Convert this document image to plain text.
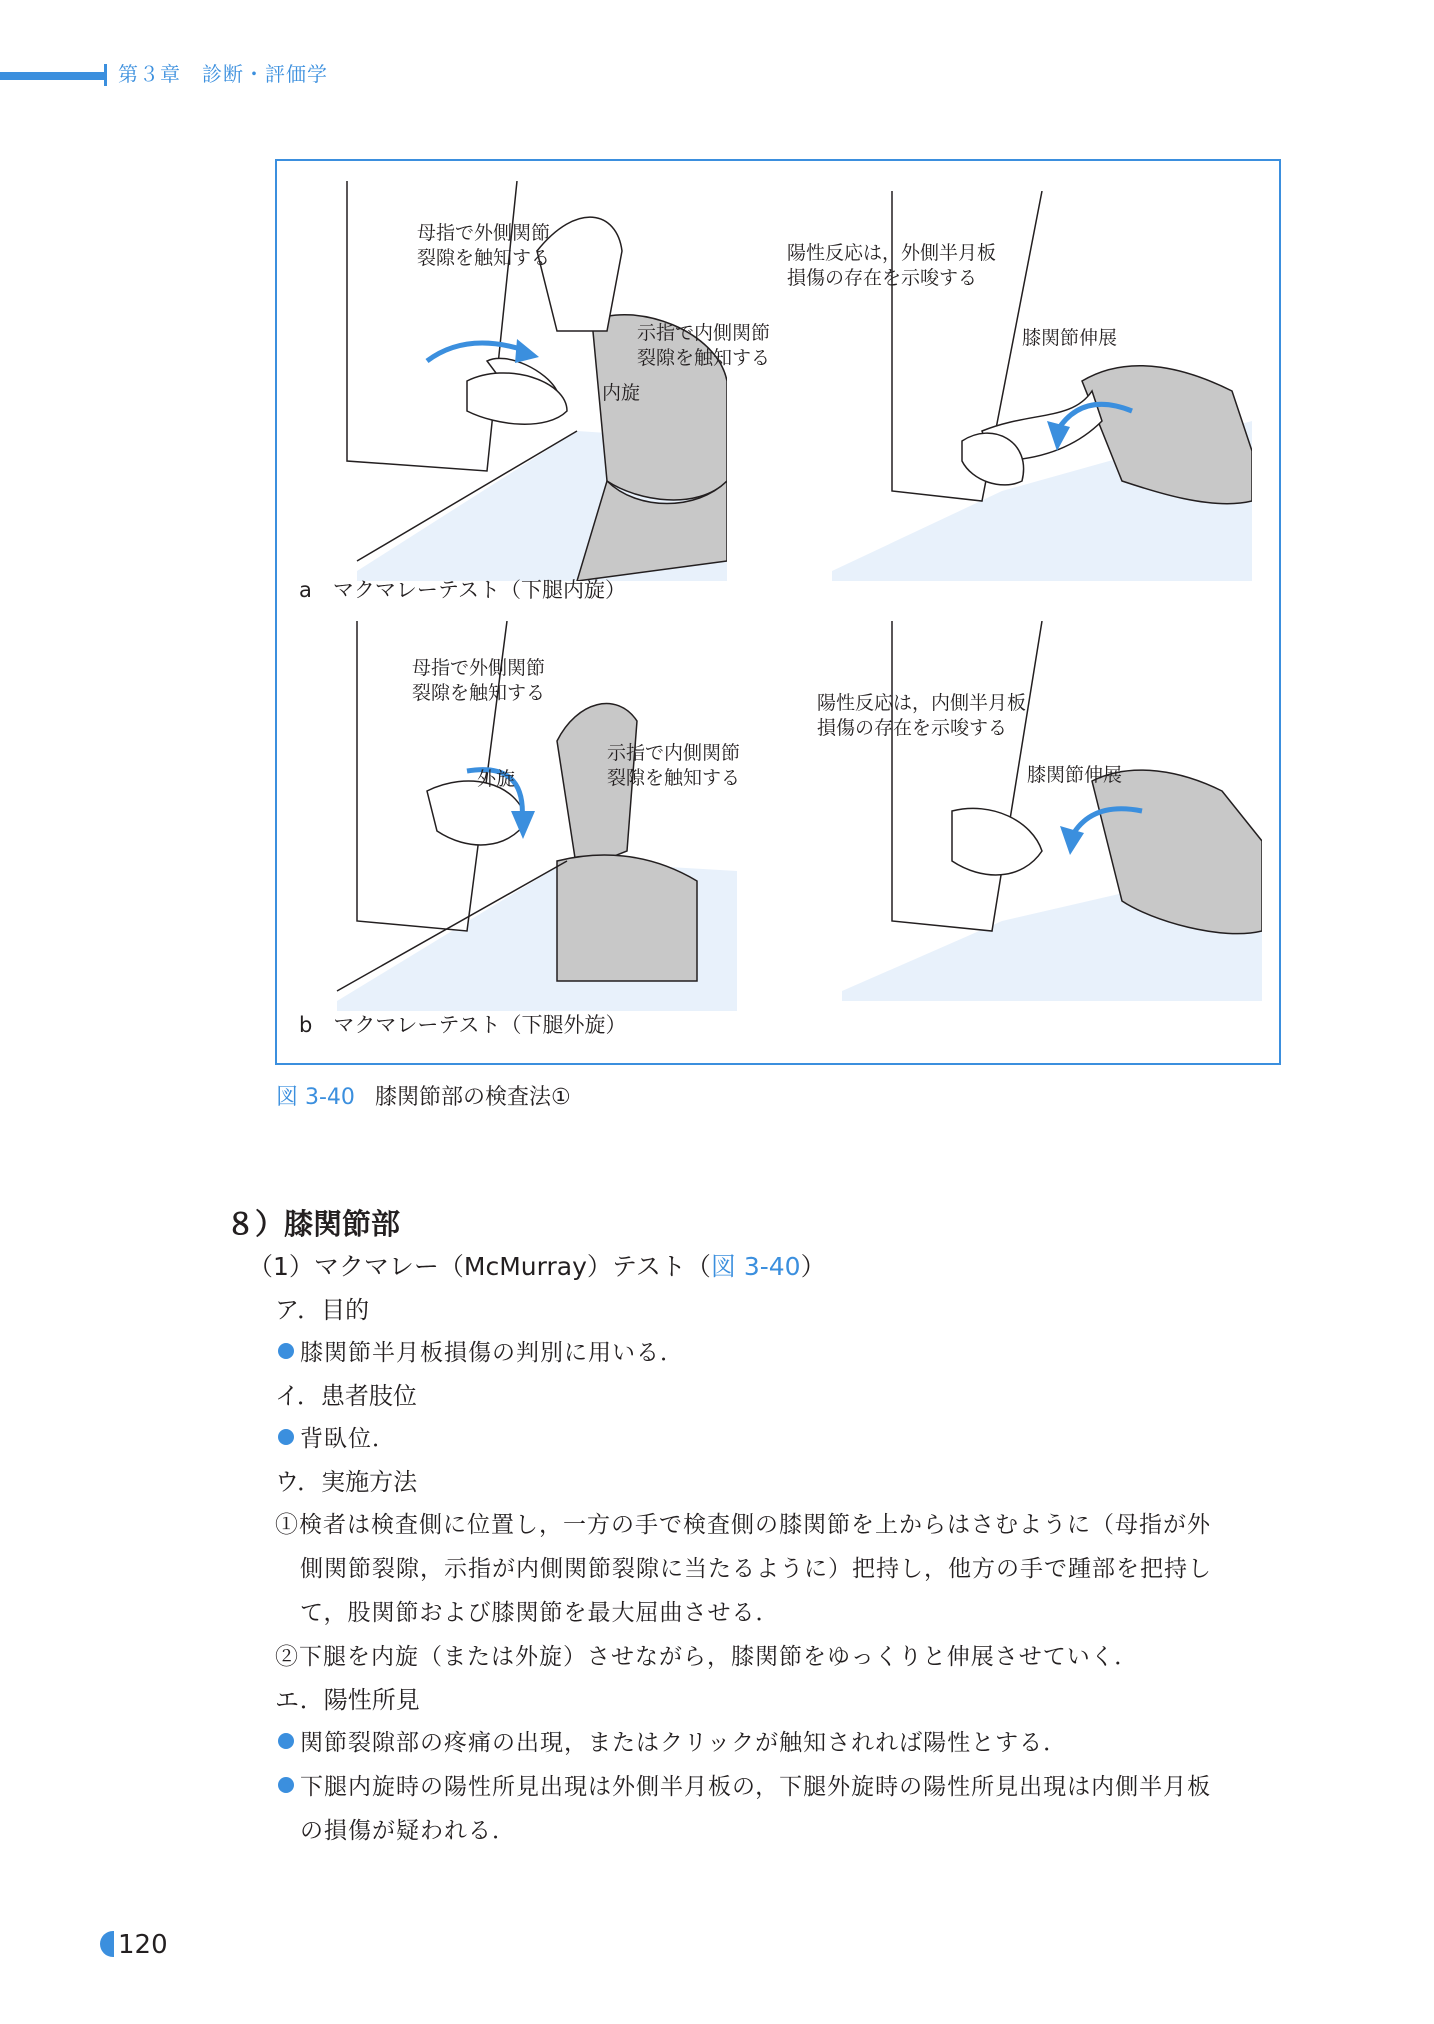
第３章　診断・評価学
母指で外側関節
裂隙を触知する
示指で内側関節
裂隙を触知する
内旋
陽性反応は，外側半月板
損傷の存在を示唆する
膝関節伸展
a　マクマレーテスト（下腿内旋）
母指で外側関節
裂隙を触知する
示指で内側関節
裂隙を触知する
外旋
陽性反応は，内側半月板
損傷の存在を示唆する
膝関節伸展
b　マクマレーテスト（下腿外旋）
図 3-40 膝関節部の検査法①
８）膝関節部
（1）マクマレー（McMurray）テスト（図 3-40）
ア．目的
膝関節半月板損傷の判別に用いる．
イ．患者肢位
背臥位．
ウ．実施方法
①検者は検査側に位置し，一方の手で検査側の膝関節を上からはさむように（母指が外
側関節裂隙，示指が内側関節裂隙に当たるように）把持し，他方の手で踵部を把持し
て，股関節および膝関節を最大屈曲させる．
②下腿を内旋（または外旋）させながら，膝関節をゆっくりと伸展させていく．
エ．陽性所見
関節裂隙部の疼痛の出現，またはクリックが触知されれば陽性とする．
下腿内旋時の陽性所見出現は外側半月板の，下腿外旋時の陽性所見出現は内側半月板
の損傷が疑われる．
120
